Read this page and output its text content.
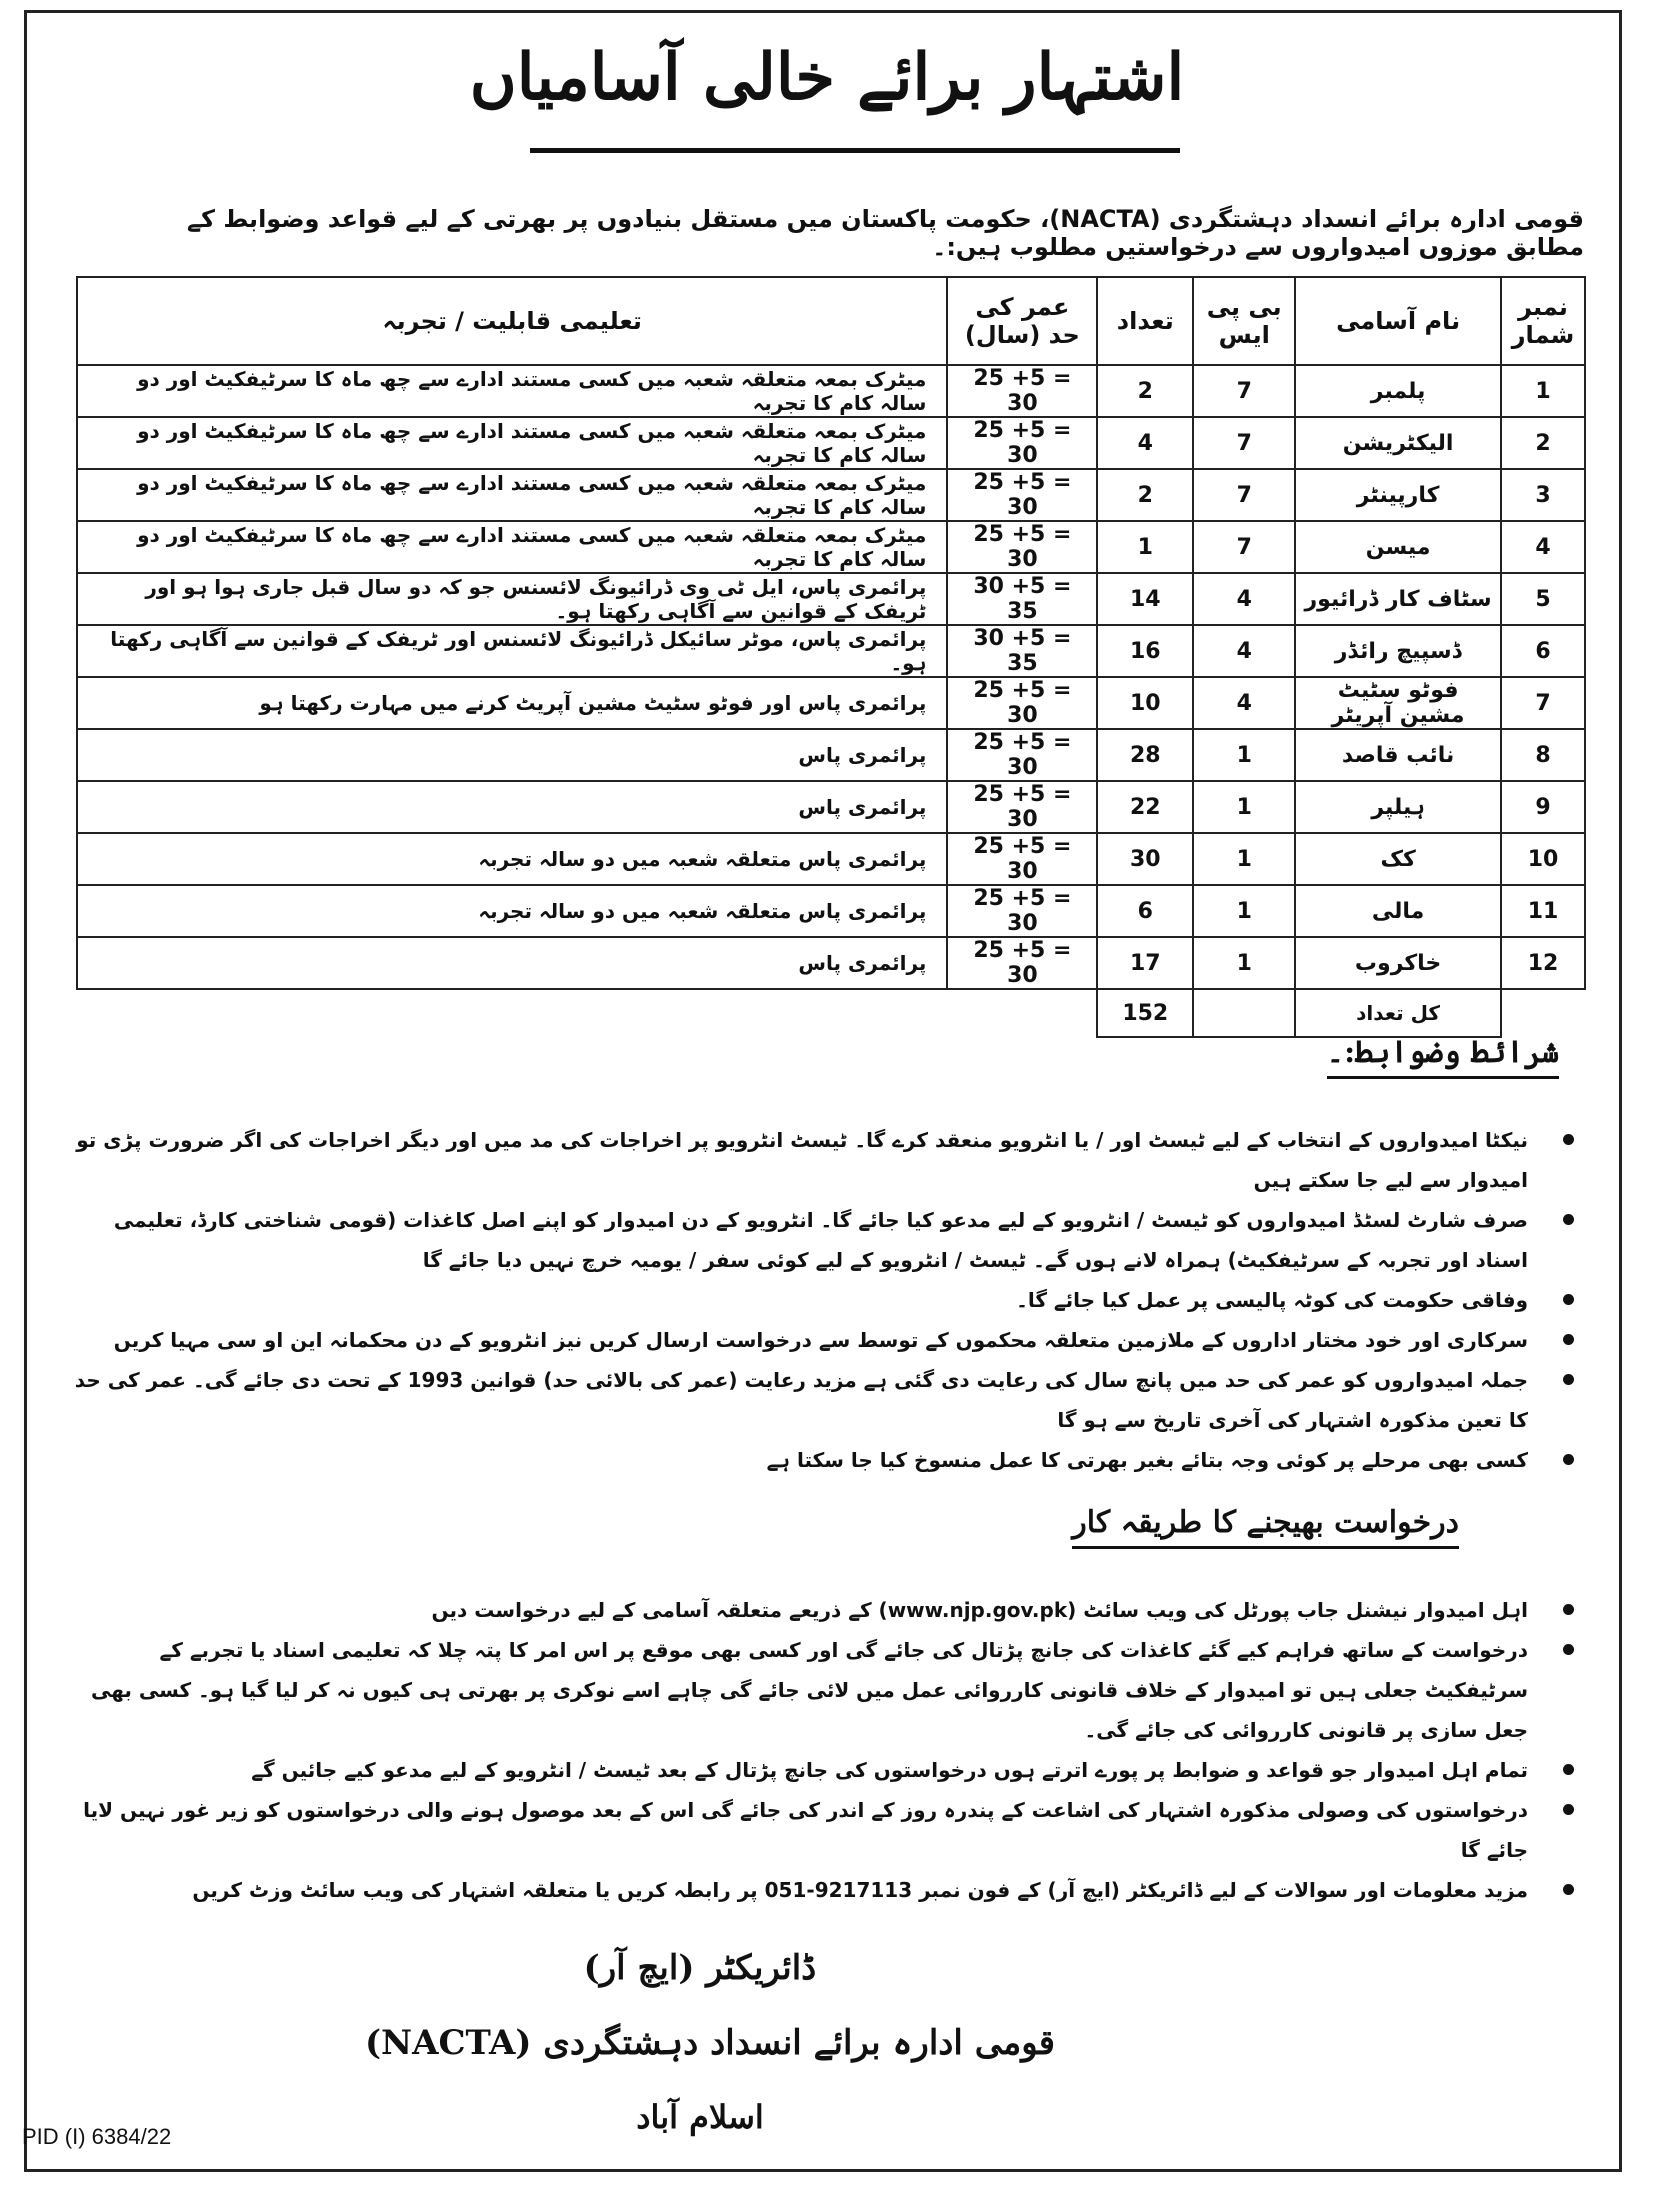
اشتہار برائے خالی آسامیاں
قومی ادارہ برائے انسداد دہشتگردی (NACTA)، حکومت پاکستان میں مستقل بنیادوں پر بھرتی کے لیے قواعد وضوابط کے مطابق موزوں امیدواروں سے درخواستیں مطلوب ہیں:۔
نمبر شمار	نام آسامی	بی پی ایس	تعداد	عمر کی حد (سال)	تعلیمی قابلیت / تجربہ
1	پلمبر	7	2	25 +5 = 30	میٹرک بمعہ متعلقہ شعبہ میں کسی مستند ادارے سے چھ ماہ کا سرٹیفکیٹ اور دو سالہ کام کا تجربہ
2	الیکٹریشن	7	4	25 +5 = 30	میٹرک بمعہ متعلقہ شعبہ میں کسی مستند ادارے سے چھ ماہ کا سرٹیفکیٹ اور دو سالہ کام کا تجربہ
3	کارپینٹر	7	2	25 +5 = 30	میٹرک بمعہ متعلقہ شعبہ میں کسی مستند ادارے سے چھ ماہ کا سرٹیفکیٹ اور دو سالہ کام کا تجربہ
4	میسن	7	1	25 +5 = 30	میٹرک بمعہ متعلقہ شعبہ میں کسی مستند ادارے سے چھ ماہ کا سرٹیفکیٹ اور دو سالہ کام کا تجربہ
5	سٹاف کار ڈرائیور	4	14	30 +5 = 35	پرائمری پاس، ایل ٹی وی ڈرائیونگ لائسنس جو کہ دو سال قبل جاری ہوا ہو اور ٹریفک کے قوانین سے آگاہی رکھتا ہو۔
6	ڈسپیچ رائڈر	4	16	30 +5 = 35	پرائمری پاس، موٹر سائیکل ڈرائیونگ لائسنس اور ٹریفک کے قوانین سے آگاہی رکھتا ہو۔
7	فوٹو سٹیٹ مشین آپریٹر	4	10	25 +5 = 30	پرائمری پاس اور فوٹو سٹیٹ مشین آپریٹ کرنے میں مہارت رکھتا ہو
8	نائب قاصد	1	28	25 +5 = 30	پرائمری پاس
9	ہیلپر	1	22	25 +5 = 30	پرائمری پاس
10	کک	1	30	25 +5 = 30	پرائمری پاس متعلقہ شعبہ میں دو سالہ تجربہ
11	مالی	1	6	25 +5 = 30	پرائمری پاس متعلقہ شعبہ میں دو سالہ تجربہ
12	خاکروب	1	17	25 +5 = 30	پرائمری پاس
	کل تعداد		152		
شرائط وضوابط:۔
نیکٹا امیدواروں کے انتخاب کے لیے ٹیسٹ اور / یا انٹرویو منعقد کرے گا۔ ٹیسٹ انٹرویو پر اخراجات کی مد میں اور دیگر اخراجات کی اگر ضرورت پڑی تو امیدوار سے لیے جا سکتے ہیں
صرف شارٹ لسٹڈ امیدواروں کو ٹیسٹ / انٹرویو کے لیے مدعو کیا جائے گا۔ انٹرویو کے دن امیدوار کو اپنے اصل کاغذات (قومی شناختی کارڈ، تعلیمی اسناد اور تجربہ کے سرٹیفکیٹ) ہمراہ لانے ہوں گے۔ ٹیسٹ / انٹرویو کے لیے کوئی سفر / یومیہ خرچ نہیں دیا جائے گا
وفاقی حکومت کی کوٹہ پالیسی پر عمل کیا جائے گا۔
سرکاری اور خود مختار اداروں کے ملازمین متعلقہ محکموں کے توسط سے درخواست ارسال کریں نیز انٹرویو کے دن محکمانہ این او سی مہیا کریں
جملہ امیدواروں کو عمر کی حد میں پانچ سال کی رعایت دی گئی ہے مزید رعایت (عمر کی بالائی حد) قوانین 1993 کے تحت دی جائے گی۔ عمر کی حد کا تعین مذکورہ اشتہار کی آخری تاریخ سے ہو گا
کسی بھی مرحلے پر کوئی وجہ بتائے بغیر بھرتی کا عمل منسوخ کیا جا سکتا ہے
درخواست بھیجنے کا طریقہ کار
اہل امیدوار نیشنل جاب پورٹل کی ویب سائٹ (www.njp.gov.pk) کے ذریعے متعلقہ آسامی کے لیے درخواست دیں
درخواست کے ساتھ فراہم کیے گئے کاغذات کی جانچ پڑتال کی جائے گی اور کسی بھی موقع پر اس امر کا پتہ چلا کہ تعلیمی اسناد یا تجربے کے سرٹیفکیٹ جعلی ہیں تو امیدوار کے خلاف قانونی کارروائی عمل میں لائی جائے گی چاہے اسے نوکری پر بھرتی ہی کیوں نہ کر لیا گیا ہو۔ کسی بھی جعل سازی پر قانونی کارروائی کی جائے گی۔
تمام اہل امیدوار جو قواعد و ضوابط پر پورے اترتے ہوں درخواستوں کی جانچ پڑتال کے بعد ٹیسٹ / انٹرویو کے لیے مدعو کیے جائیں گے
درخواستوں کی وصولی مذکورہ اشتہار کی اشاعت کے پندرہ روز کے اندر کی جائے گی اس کے بعد موصول ہونے والی درخواستوں کو زیر غور نہیں لایا جائے گا
مزید معلومات اور سوالات کے لیے ڈائریکٹر (ایچ آر) کے فون نمبر 9217113-051 پر رابطہ کریں یا متعلقہ اشتہار کی ویب سائٹ وزٹ کریں
ڈائریکٹر (ایچ آر)
قومی ادارہ برائے انسداد دہشتگردی (NACTA)
اسلام آباد
PID (I) 6384/22
